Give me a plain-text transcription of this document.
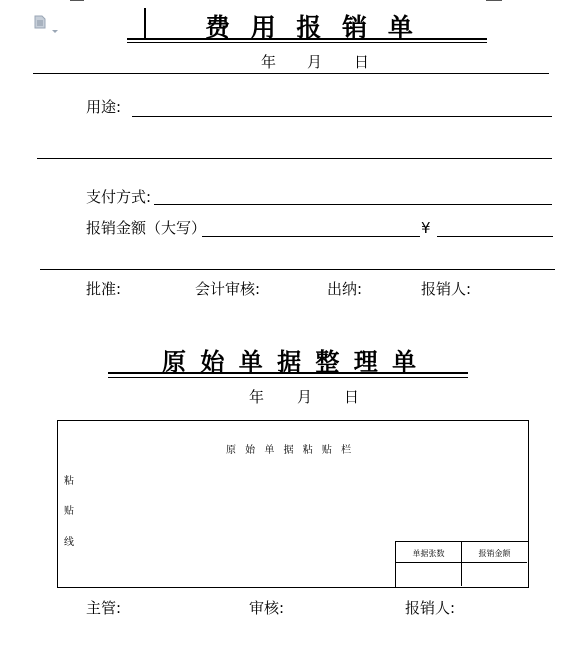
费 用 报 销 单
年 月 日
用途:
支付方式:
报销金额（大写）	¥
批准:	会计审核:	出纳:	报销人:
原 始 单 据 整 理 单
年 月 日
原 始 单 据 粘 贴 栏
粘
贴
线
单据张数	报销金额
主管:	审核:	报销人:
